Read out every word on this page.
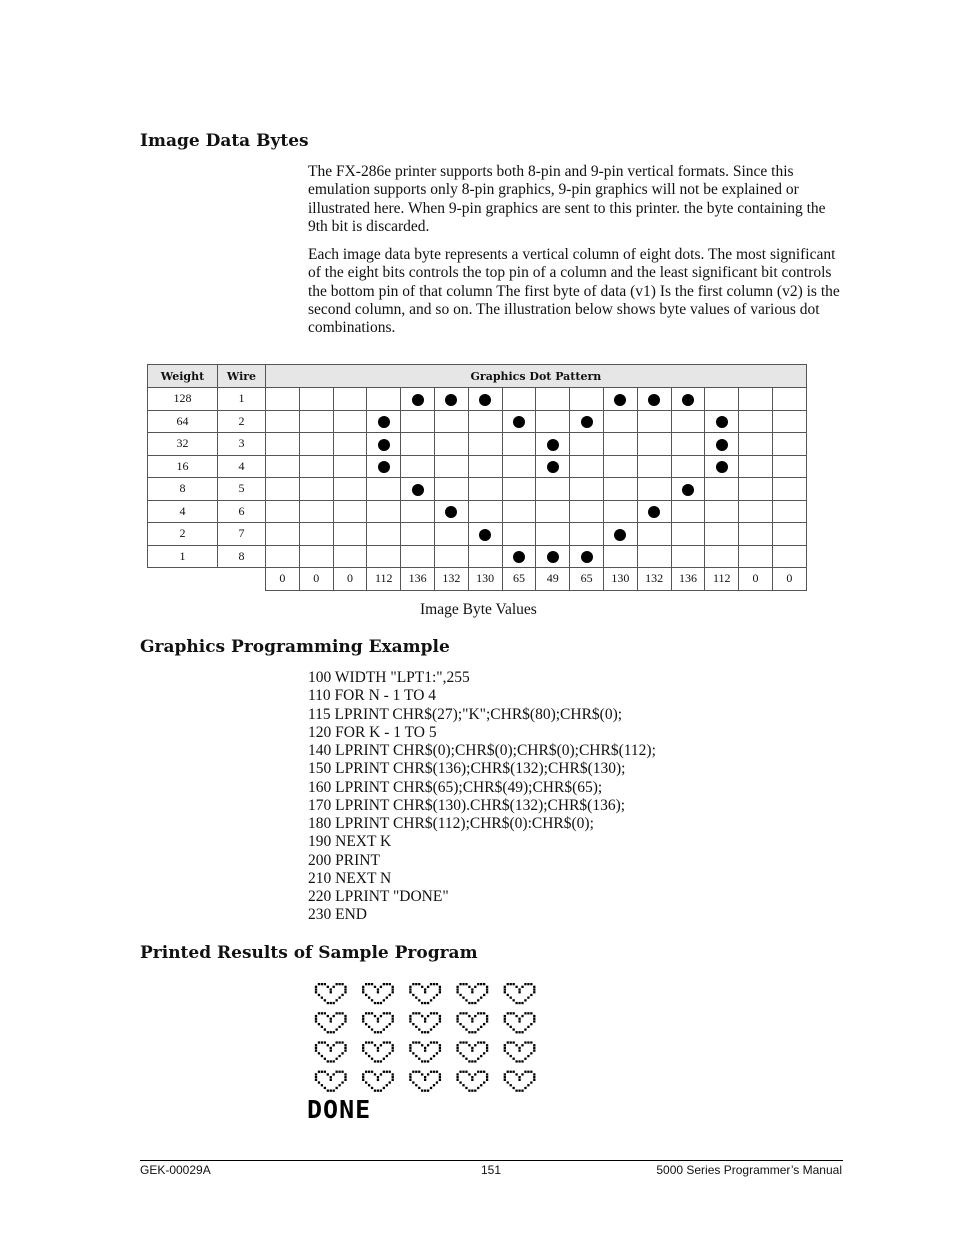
Image Data Bytes

The FX-286e printer supports both 8-pin and 9-pin vertical formats. Since this emulation supports only 8-pin graphics, 9-pin graphics will not be explained or illustrated here. When 9-pin graphics are sent to this printer. the byte containing the 9th bit is discarded.

Each image data byte represents a vertical column of eight dots. The most significant of the eight bits controls the top pin of a column and the least significant bit controls the bottom pin of that column The first byte of data (v1) Is the first column (v2) is the second column, and so on. The illustration below shows byte values of various dot combinations.

Weight	Wire	Graphics Dot Pattern															
128	1																
64	2																
32	3																
16	4																
8	5																
4	6																
2	7																
1	8																
		0	0	0	112	136	132	130	65	49	65	130	132	136	112	0	0
Image Byte Values
Graphics Programming Example
100 WIDTH "LPT1:",255
110 FOR N - 1 TO 4
115 LPRINT CHR$(27);"K";CHR$(80);CHR$(0);
120 FOR K - 1 TO 5
140 LPRINT CHR$(0);CHR$(0);CHR$(0);CHR$(112);
150 LPRINT CHR$(136);CHR$(132);CHR$(130);
160 LPRINT CHR$(65);CHR$(49);CHR$(65);
170 LPRINT CHR$(130).CHR$(132);CHR$(136);
180 LPRINT CHR$(112);CHR$(0):CHR$(0);
190 NEXT K
200 PRINT
210 NEXT N
220 LPRINT "DONE"
230 END
Printed Results of Sample Program
DONE
GEK-00029A	151	5000 Series Programmer’s Manual
